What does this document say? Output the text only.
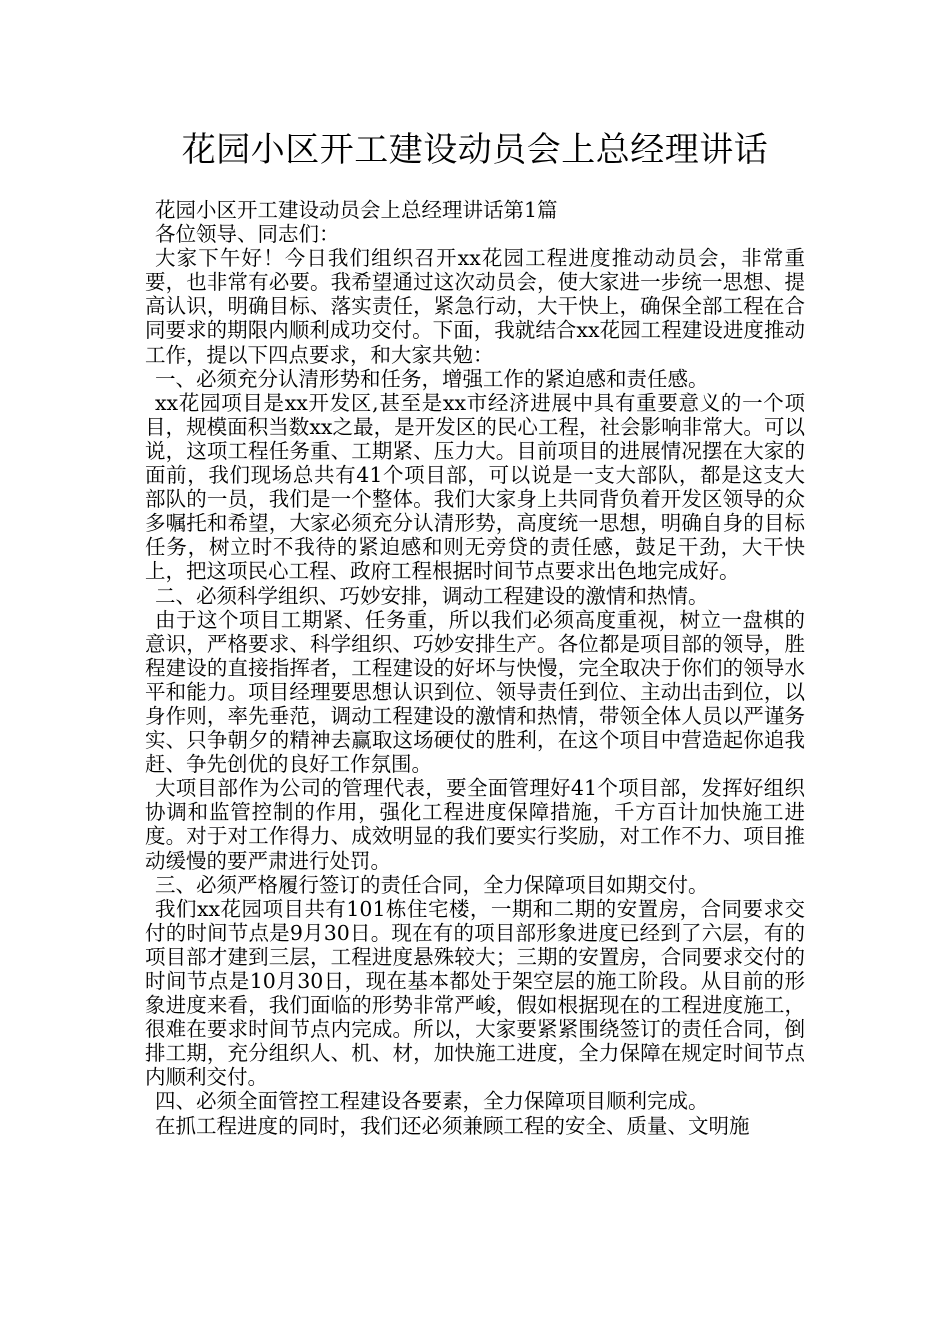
花园小区开工建设动员会上总经理讲话

花园小区开工建设动员会上总经理讲话第1篇

各位领导、同志们：

大家下午好！今日我们组织召开xx花园工程进度推动动员会，非常重要，也非常有必要。我希望通过这次动员会，使大家进一步统一思想、提高认识，明确目标、落实责任，紧急行动，大干快上，确保全部工程在合同要求的期限内顺利成功交付。下面，我就结合xx花园工程建设进度推动工作，提以下四点要求，和大家共勉：

一、必须充分认清形势和任务，增强工作的紧迫感和责任感。

xx花园项目是xx开发区,甚至是xx市经济进展中具有重要意义的一个项目，规模面积当数xx之最，是开发区的民心工程，社会影响非常大。可以说，这项工程任务重、工期紧、压力大。目前项目的进展情况摆在大家的面前，我们现场总共有41个项目部，可以说是一支大部队，都是这支大部队的一员，我们是一个整体。我们大家身上共同背负着开发区领导的众多嘱托和希望，大家必须充分认清形势，高度统一思想，明确自身的目标任务，树立时不我待的紧迫感和则无旁贷的责任感，鼓足干劲，大干快上，把这项民心工程、政府工程根据时间节点要求出色地完成好。

二、必须科学组织、巧妙安排，调动工程建设的激情和热情。

由于这个项目工期紧、任务重，所以我们必须高度重视，树立一盘棋的意识，严格要求、科学组织、巧妙安排生产。各位都是项目部的领导，胜程建设的直接指挥者，工程建设的好坏与快慢，完全取决于你们的领导水平和能力。项目经理要思想认识到位、领导责任到位、主动出击到位，以身作则，率先垂范，调动工程建设的激情和热情，带领全体人员以严谨务实、只争朝夕的精神去赢取这场硬仗的胜利，在这个项目中营造起你追我赶、争先创优的良好工作氛围。

大项目部作为公司的管理代表，要全面管理好41个项目部，发挥好组织协调和监管控制的作用，强化工程进度保障措施，千方百计加快施工进度。对于对工作得力、成效明显的我们要实行奖励，对工作不力、项目推动缓慢的要严肃进行处罚。

三、必须严格履行签订的责任合同，全力保障项目如期交付。

我们xx花园项目共有101栋住宅楼，一期和二期的安置房，合同要求交付的时间节点是9月30日。现在有的项目部形象进度已经到了六层，有的项目部才建到三层，工程进度悬殊较大；三期的安置房，合同要求交付的时间节点是10月30日，现在基本都处于架空层的施工阶段。从目前的形象进度来看，我们面临的形势非常严峻，假如根据现在的工程进度施工，很难在要求时间节点内完成。所以，大家要紧紧围绕签订的责任合同，倒排工期，充分组织人、机、材，加快施工进度，全力保障在规定时间节点内顺利交付。

四、必须全面管控工程建设各要素，全力保障项目顺利完成。

在抓工程进度的同时，我们还必须兼顾工程的安全、质量、文明施
